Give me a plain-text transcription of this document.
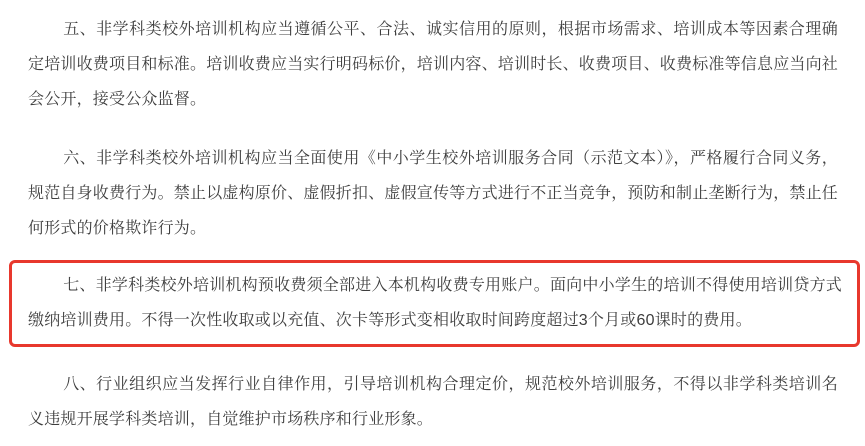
五、非学科类校外培训机构应当遵循公平、合法、诚实信用的原则，根据市场需求、培训成本等因素合理确定培训收费项目和标准。培训收费应当实行明码标价，培训内容、培训时长、收费项目、收费标准等信息应当向社会公开，接受公众监督。

六、非学科类校外培训机构应当全面使用《中小学生校外培训服务合同（示范文本）》，严格履行合同义务，规范自身收费行为。禁止以虚构原价、虚假折扣、虚假宣传等方式进行不正当竞争，预防和制止垄断行为，禁止任何形式的价格欺诈行为。

七、非学科类校外培训机构预收费须全部进入本机构收费专用账户。面向中小学生的培训不得使用培训贷方式缴纳培训费用。不得一次性收取或以充值、次卡等形式变相收取时间跨度超过3个月或60课时的费用。

八、行业组织应当发挥行业自律作用，引导培训机构合理定价，规范校外培训服务，不得以非学科类培训名义违规开展学科类培训，自觉维护市场秩序和行业形象。
